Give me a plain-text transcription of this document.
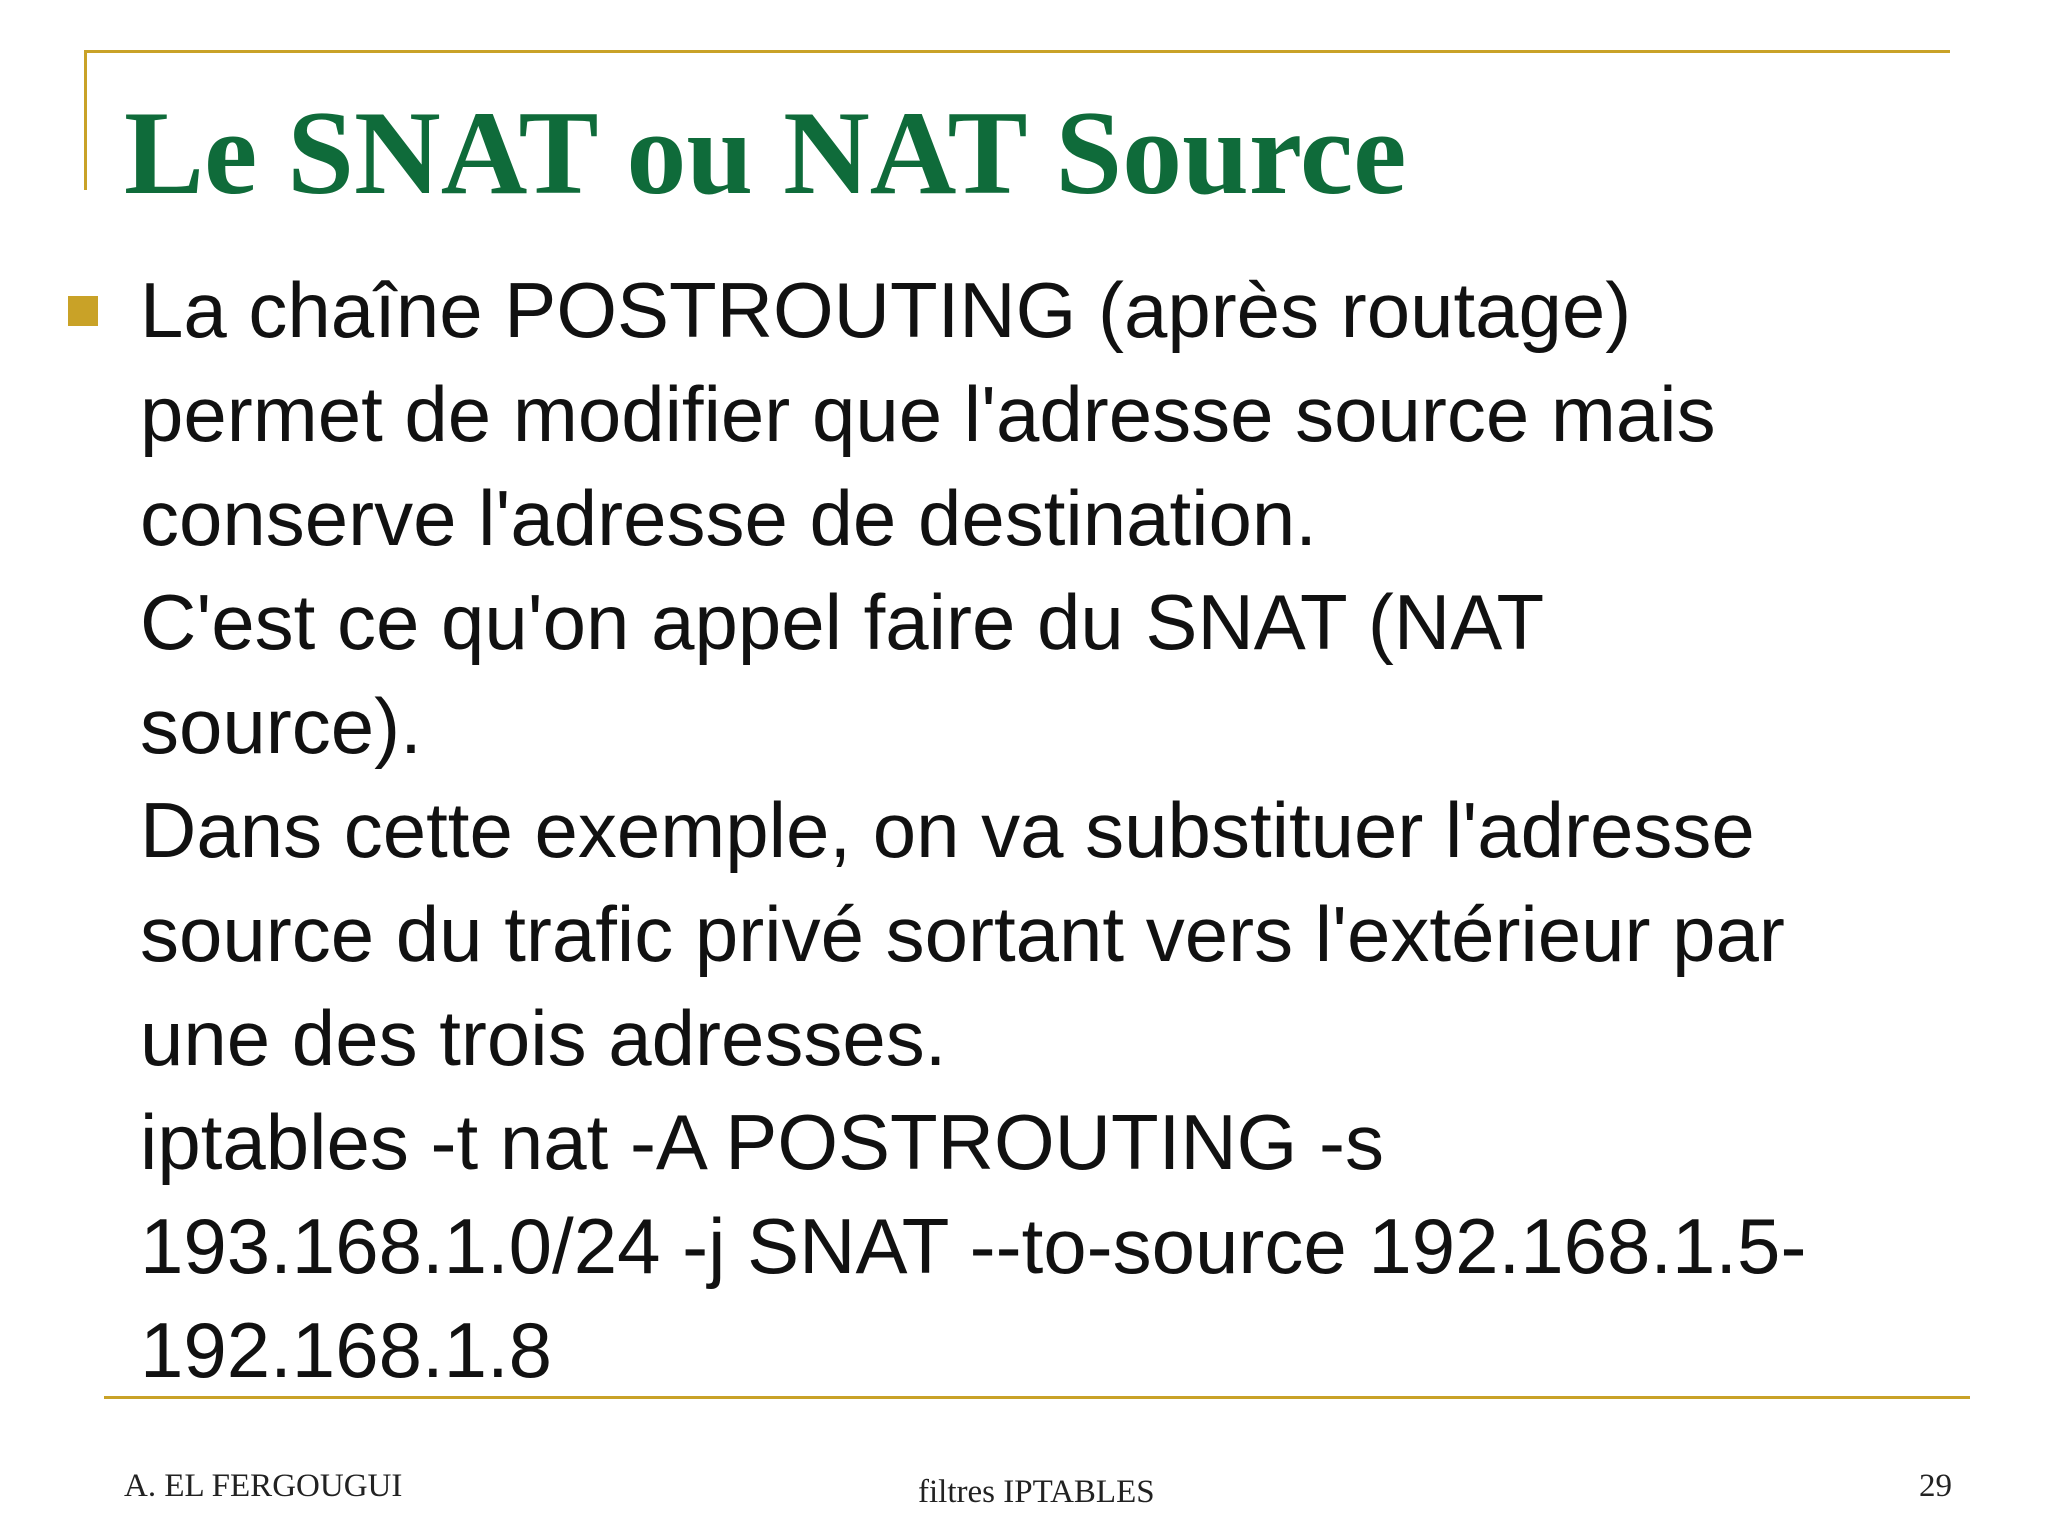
Le SNAT ou NAT Source
La chaîne POSTROUTING (après routage)
permet de modifier que l'adresse source mais
conserve l'adresse de destination.
C'est ce qu'on appel faire du SNAT (NAT
source).
Dans cette exemple, on va substituer l'adresse
source du trafic privé sortant vers l'extérieur par
une des trois adresses.
iptables -t nat -A POSTROUTING -s
193.168.1.0/24 -j SNAT --to-source 192.168.1.5-
192.168.1.8
A. EL FERGOUGUI	filtres IPTABLES	29
